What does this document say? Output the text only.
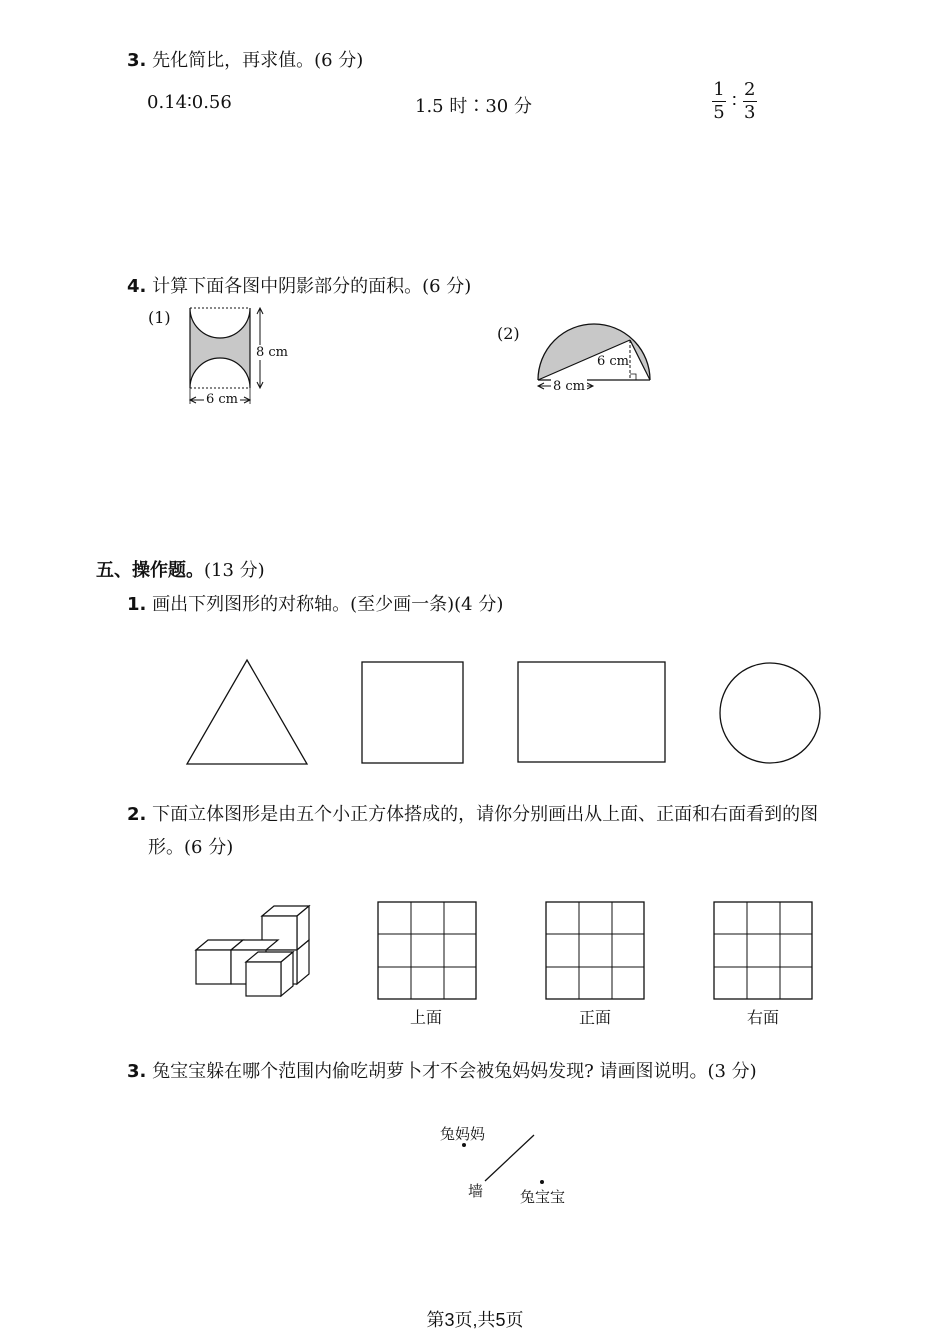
3. 先化简比，再求值。(6 分)
0.14∶0.56	1.5 时∶30 分	$\frac{1}{5}$ ∶ $\frac{2}{3}$
4. 计算下面各图中阴影部分的面积。(6 分)
(1)
8 cm
6 cm
(2)
6 cm
8 cm
五、操作题。(13 分)
1. 画出下列图形的对称轴。(至少画一条)(4 分)
2. 下面立体图形是由五个小正方体搭成的，请你分别画出从上面、正面和右面看到的图
形。(6 分)
上面	正面	右面
3. 兔宝宝躲在哪个范围内偷吃胡萝卜才不会被兔妈妈发现? 请画图说明。(3 分)
兔妈妈
墙 兔宝宝
第3页,共5页
